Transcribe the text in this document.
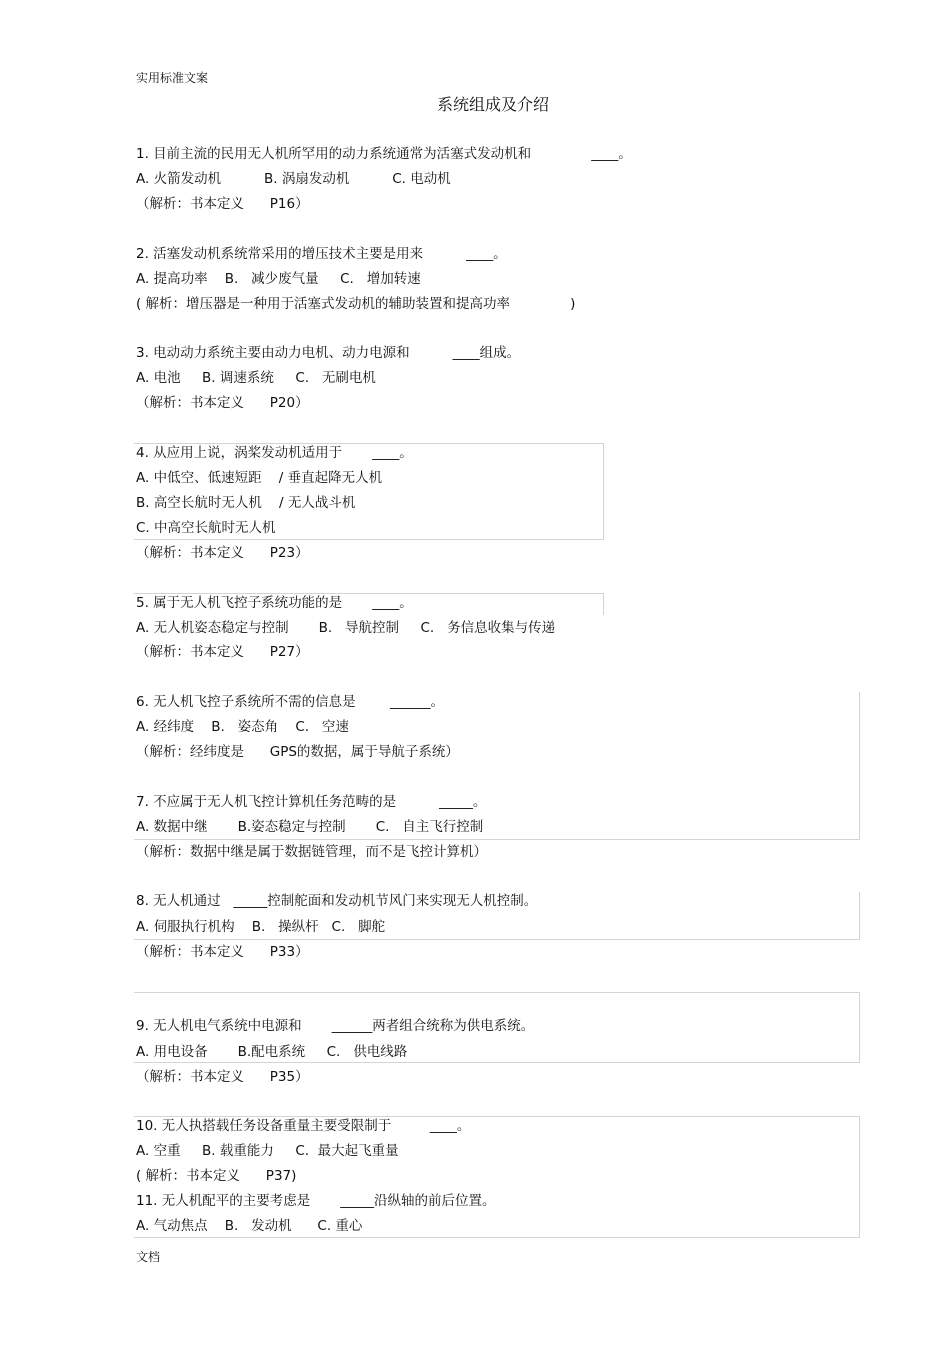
实用标准文案
系统组成及介绍
1. 目前主流的民用无人机所罕用的动力系统通常为活塞式发动机和              ____。
A. 火箭发动机          B. 涡扇发动机          C. 电动机
（解析：书本定义      P16）
2. 活塞发动机系统常采用的增压技术主要是用来          ____。
A. 提高功率    B.   减少废气量     C.   增加转速
( 解析：增压器是一种用于活塞式发动机的辅助装置和提高功率              )
3. 电动动力系统主要由动力电机、动力电源和          ____组成。
A. 电池     B. 调速系统     C.   无刷电机
（解析：书本定义      P20）
4. 从应用上说，涡桨发动机适用于       ____。
A. 中低空、低速短距    / 垂直起降无人机
B. 高空长航时无人机    / 无人战斗机
C. 中高空长航时无人机
（解析：书本定义      P23）
5. 属于无人机飞控子系统功能的是       ____。
A. 无人机姿态稳定与控制       B.   导航控制     C.   务信息收集与传递
（解析：书本定义      P27）
6. 无人机飞控子系统所不需的信息是        ______。
A. 经纬度    B.   姿态角    C.   空速
（解析：经纬度是      GPS的数据，属于导航子系统）
7. 不应属于无人机飞控计算机任务范畴的是          _____。
A. 数据中继       B.姿态稳定与控制       C.   自主飞行控制
（解析：数据中继是属于数据链管理，而不是飞控计算机）
8. 无人机通过   _____控制舵面和发动机节风门来实现无人机控制。
A. 伺服执行机构    B.   操纵杆   C.   脚舵
（解析：书本定义      P33）
9. 无人机电气系统中电源和       ______两者组合统称为供电系统。
A. 用电设备       B.配电系统     C.   供电线路
（解析：书本定义      P35）
10. 无人执搭载任务设备重量主要受限制于         ____。
A. 空重     B. 载重能力     C.  最大起飞重量
( 解析：书本定义      P37)
11. 无人机配平的主要考虑是       _____沿纵轴的前后位置。
A. 气动焦点    B.   发动机      C. 重心
文档
